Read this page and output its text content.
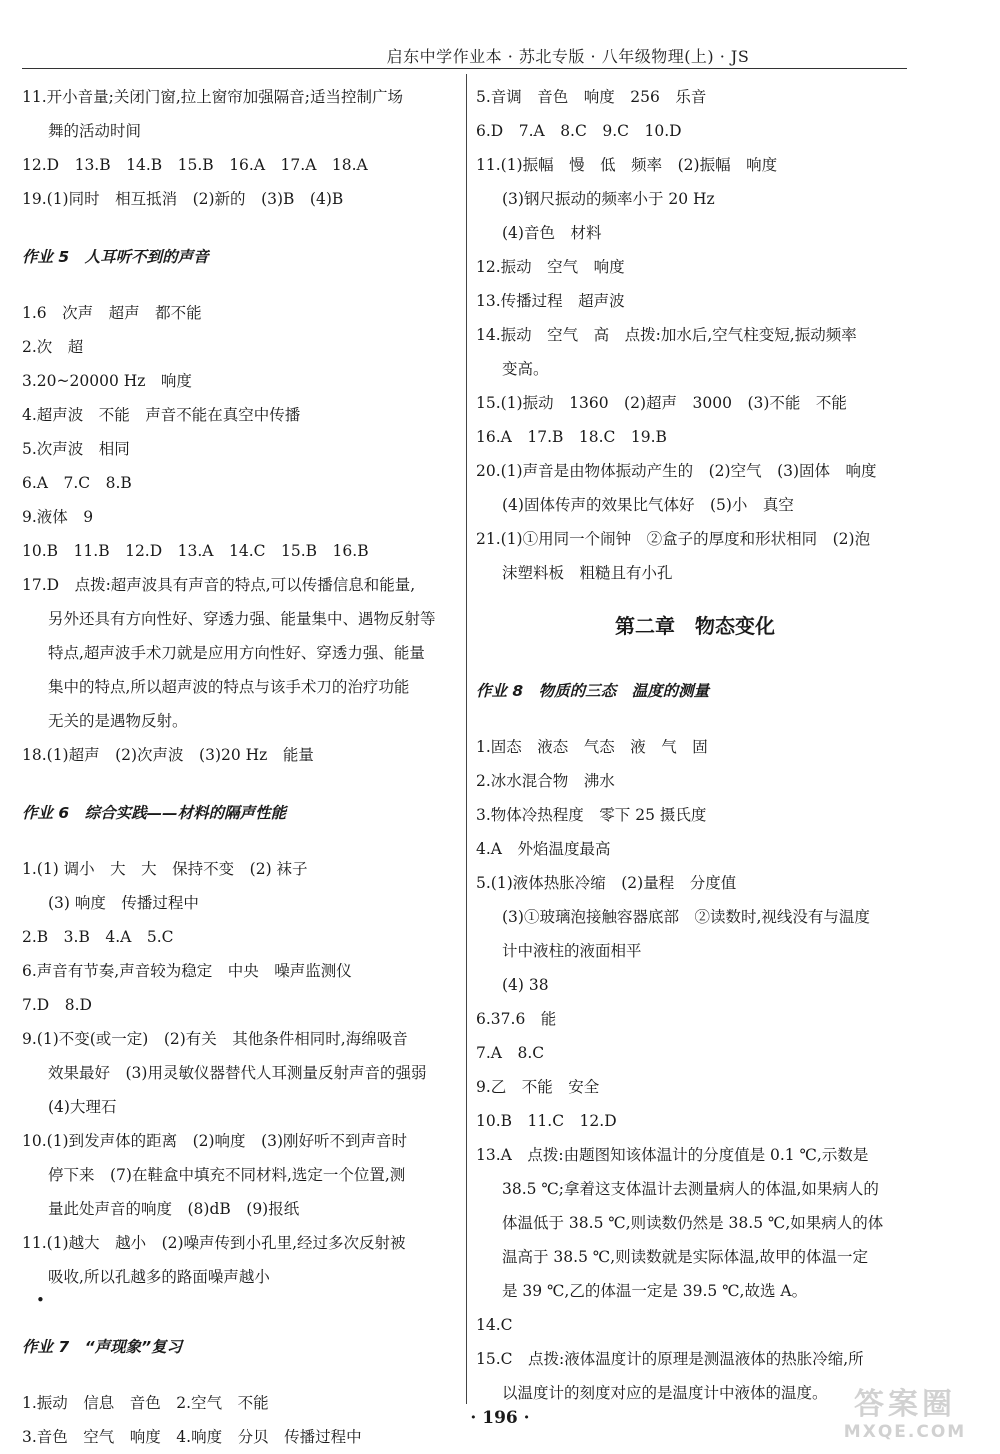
启东中学作业本 · 苏北专版 · 八年级物理(上) · JS
11.开小音量;关闭门窗,拉上窗帘加强隔音;适当控制广场
舞的活动时间
12.D　13.B　14.B　15.B　16.A　17.A　18.A
19.(1)同时　相互抵消　(2)新的　(3)B　(4)B
作业 5　人耳听不到的声音
1.6　次声　超声　都不能
2.次　超
3.20~20000 Hz　响度
4.超声波　不能　声音不能在真空中传播
5.次声波　相同
6.A　7.C　8.B
9.液体　9
10.B　11.B　12.D　13.A　14.C　15.B　16.B
17.D　点拨:超声波具有声音的特点,可以传播信息和能量,
另外还具有方向性好、穿透力强、能量集中、遇物反射等
特点,超声波手术刀就是应用方向性好、穿透力强、能量
集中的特点,所以超声波的特点与该手术刀的治疗功能
无关的是遇物反射。
18.(1)超声　(2)次声波　(3)20 Hz　能量
作业 6　综合实践——材料的隔声性能
1.(1) 调小　大　大　保持不变　(2) 袜子
(3) 响度　传播过程中
2.B　3.B　4.A　5.C
6.声音有节奏,声音较为稳定　中央　噪声监测仪
7.D　8.D
9.(1)不变(或一定)　(2)有关　其他条件相同时,海绵吸音
效果最好　(3)用灵敏仪器替代人耳测量反射声音的强弱
(4)大理石
10.(1)到发声体的距离　(2)响度　(3)刚好听不到声音时
停下来　(7)在鞋盒中填充不同材料,选定一个位置,测
量此处声音的响度　(8)dB　(9)报纸
11.(1)越大　越小　(2)噪声传到小孔里,经过多次反射被
吸收,所以孔越多的路面噪声越小
•
作业 7　“声现象”复习
1.振动　信息　音色　2.空气　不能
3.音色　空气　响度　4.响度　分贝　传播过程中
5.音调　音色　响度　256　乐音
6.D　7.A　8.C　9.C　10.D
11.(1)振幅　慢　低　频率　(2)振幅　响度
(3)钢尺振动的频率小于 20 Hz
(4)音色　材料
12.振动　空气　响度
13.传播过程　超声波
14.振动　空气　高　点拨:加水后,空气柱变短,振动频率
变高。
15.(1)振动　1360　(2)超声　3000　(3)不能　不能
16.A　17.B　18.C　19.B
20.(1)声音是由物体振动产生的　(2)空气　(3)固体　响度
(4)固体传声的效果比气体好　(5)小　真空
21.(1)①用同一个闹钟　②盒子的厚度和形状相同　(2)泡
沫塑料板　粗糙且有小孔
第二章　物态变化
作业 8　物质的三态　温度的测量
1.固态　液态　气态　液　气　固
2.冰水混合物　沸水
3.物体冷热程度　零下 25 摄氏度
4.A　外焰温度最高
5.(1)液体热胀冷缩　(2)量程　分度值
(3)①玻璃泡接触容器底部　②读数时,视线没有与温度
计中液柱的液面相平
(4) 38
6.37.6　能
7.A　8.C
9.乙　不能　安全
10.B　11.C　12.D
13.A　点拨:由题图知该体温计的分度值是 0.1 ℃,示数是
38.5 ℃;拿着这支体温计去测量病人的体温,如果病人的
体温低于 38.5 ℃,则读数仍然是 38.5 ℃,如果病人的体
温高于 38.5 ℃,则读数就是实际体温,故甲的体温一定
是 39 ℃,乙的体温一定是 39.5 ℃,故选 A。
14.C
15.C　点拨:液体温度计的原理是测温液体的热胀冷缩,所
以温度计的刻度对应的是温度计中液体的温度。
· 196 ·	答案圈
MXQE.COM
